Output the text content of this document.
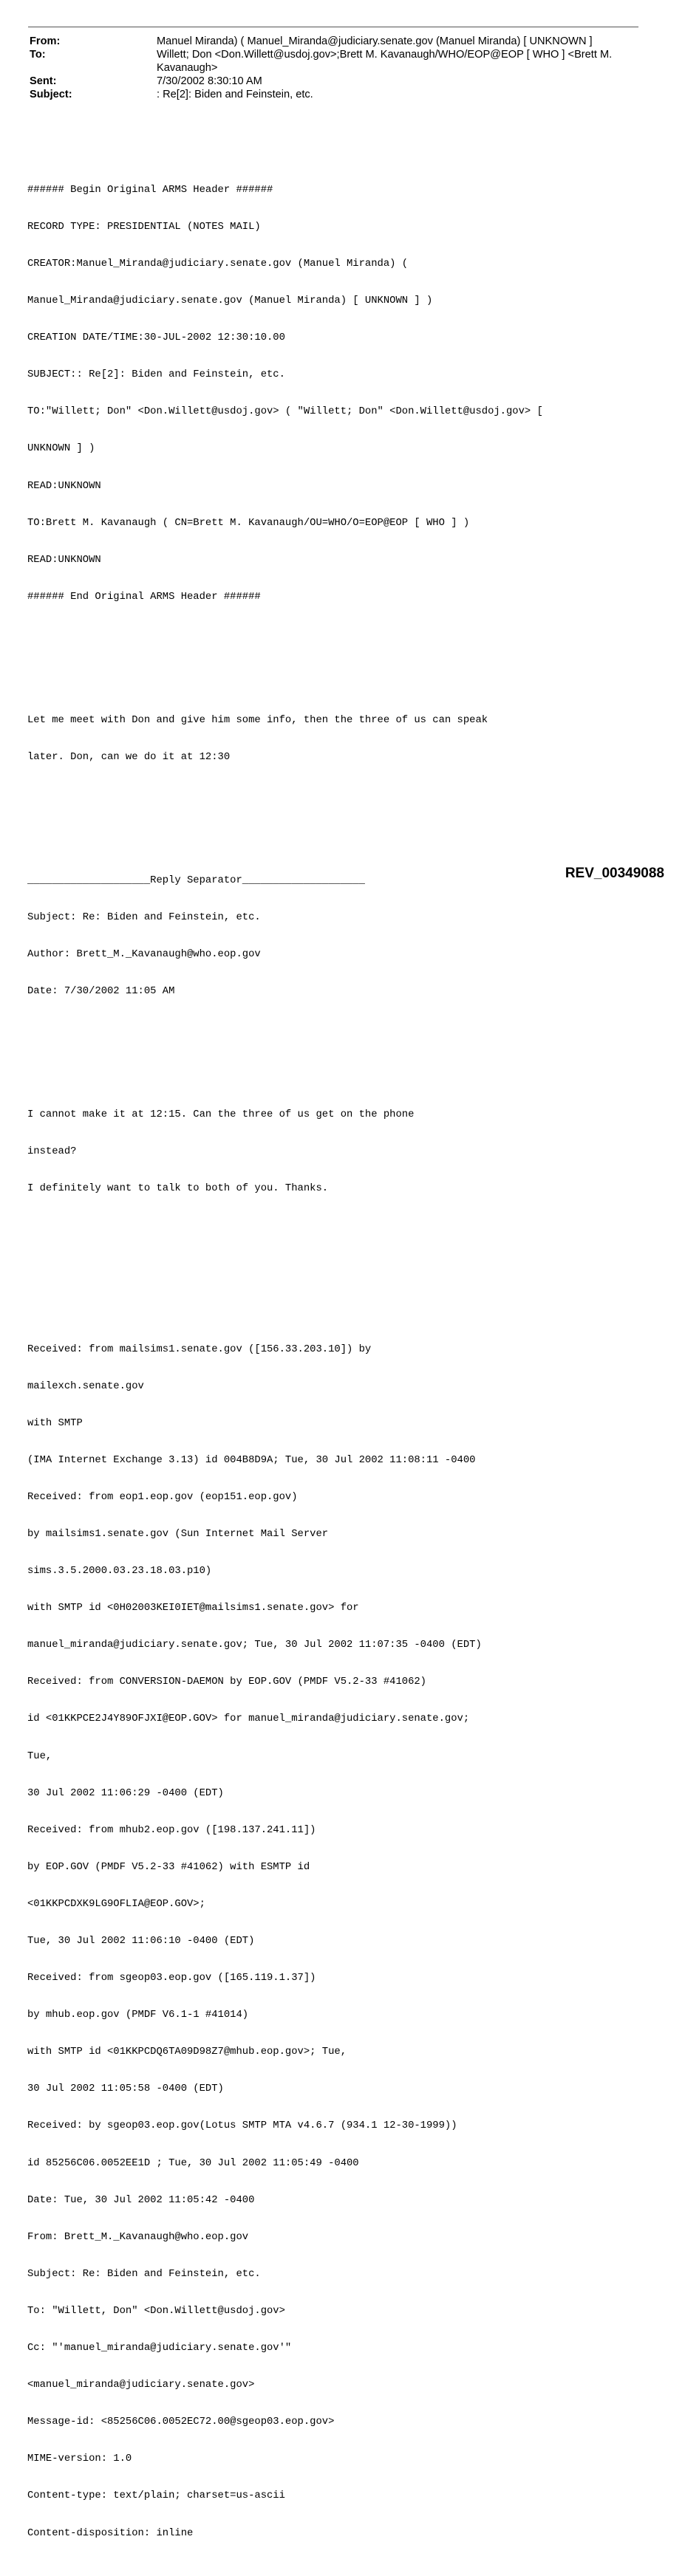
From:	Manuel Miranda) ( Manuel_Miranda@judiciary.senate.gov (Manuel Miranda) [ UNKNOWN ]
To:	Willett; Don <Don.Willett@usdoj.gov>;Brett M. Kavanaugh/WHO/EOP@EOP [ WHO ] <Brett M.
Kavanaugh>
Sent:	7/30/2002 8:30:10 AM
Subject:	: Re[2]: Biden and Feinstein, etc.

###### Begin Original ARMS Header ######

RECORD TYPE: PRESIDENTIAL (NOTES MAIL)

CREATOR:Manuel_Miranda@judiciary.senate.gov (Manuel Miranda) (

Manuel_Miranda@judiciary.senate.gov (Manuel Miranda) [ UNKNOWN ] )

CREATION DATE/TIME:30-JUL-2002 12:30:10.00

SUBJECT:: Re[2]: Biden and Feinstein, etc.

TO:"Willett; Don" <Don.Willett@usdoj.gov> ( "Willett; Don" <Don.Willett@usdoj.gov> [

UNKNOWN ] )

READ:UNKNOWN

TO:Brett M. Kavanaugh ( CN=Brett M. Kavanaugh/OU=WHO/O=EOP@EOP [ WHO ] )

READ:UNKNOWN

###### End Original ARMS Header ######

Let me meet with Don and give him some info, then the three of us can speak

later. Don, can we do it at 12:30

____________________Reply Separator____________________

Subject: Re: Biden and Feinstein, etc.

Author: Brett_M._Kavanaugh@who.eop.gov

Date: 7/30/2002 11:05 AM

I cannot make it at 12:15. Can the three of us get on the phone

instead?

I definitely want to talk to both of you. Thanks.

Received: from mailsims1.senate.gov ([156.33.203.10]) by

mailexch.senate.gov

with SMTP

(IMA Internet Exchange 3.13) id 004B8D9A; Tue, 30 Jul 2002 11:08:11 -0400

Received: from eop1.eop.gov (eop151.eop.gov)

by mailsims1.senate.gov (Sun Internet Mail Server

sims.3.5.2000.03.23.18.03.p10)

with SMTP id <0H02003KEI0IET@mailsims1.senate.gov> for

manuel_miranda@judiciary.senate.gov; Tue, 30 Jul 2002 11:07:35 -0400 (EDT)

Received: from CONVERSION-DAEMON by EOP.GOV (PMDF V5.2-33 #41062)

id <01KKPCE2J4Y89OFJXI@EOP.GOV> for manuel_miranda@judiciary.senate.gov;

Tue,

30 Jul 2002 11:06:29 -0400 (EDT)

Received: from mhub2.eop.gov ([198.137.241.11])

by EOP.GOV (PMDF V5.2-33 #41062) with ESMTP id

<01KKPCDXK9LG9OFLIA@EOP.GOV>;

Tue, 30 Jul 2002 11:06:10 -0400 (EDT)

Received: from sgeop03.eop.gov ([165.119.1.37])

by mhub.eop.gov (PMDF V6.1-1 #41014)

with SMTP id <01KKPCDQ6TA09D98Z7@mhub.eop.gov>; Tue,

30 Jul 2002 11:05:58 -0400 (EDT)

Received: by sgeop03.eop.gov(Lotus SMTP MTA v4.6.7 (934.1 12-30-1999))

id 85256C06.0052EE1D ; Tue, 30 Jul 2002 11:05:49 -0400

Date: Tue, 30 Jul 2002 11:05:42 -0400

From: Brett_M._Kavanaugh@who.eop.gov

Subject: Re: Biden and Feinstein, etc.

To: "Willett, Don" <Don.Willett@usdoj.gov>

Cc: "'manuel_miranda@judiciary.senate.gov'"

<manuel_miranda@judiciary.senate.gov>

Message-id: <85256C06.0052EC72.00@sgeop03.eop.gov>

MIME-version: 1.0

Content-type: text/plain; charset=us-ascii

Content-disposition: inline

REV_00349088
